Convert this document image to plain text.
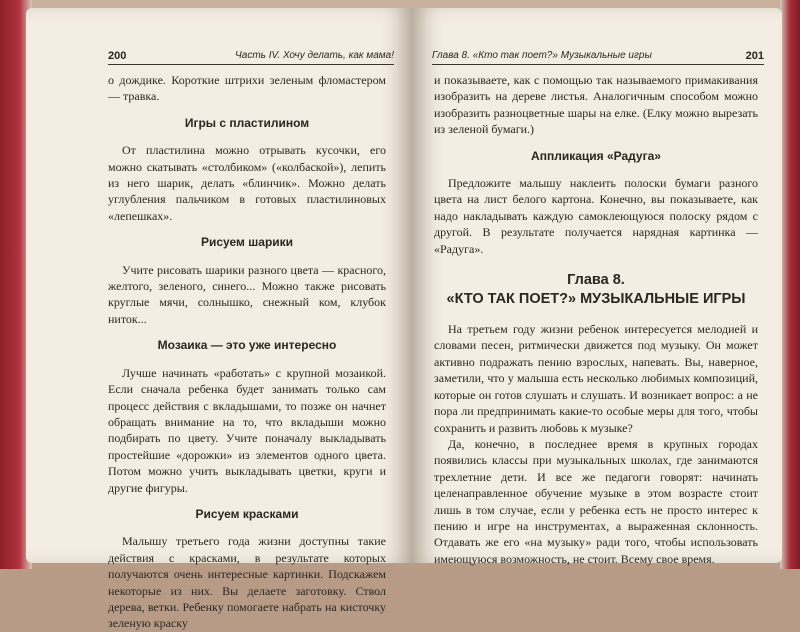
200	Часть IV. Хочу делать, как мама!

о дождике. Короткие штрихи зеленым фломастером — травка.

Игры с пластилином

От пластилина можно отрывать кусочки, его можно скатывать «столбиком» («колбаской»), лепить из него шарик, делать «блинчик». Можно делать углубления пальчиком в готовых пластилиновых «лепешках».

Рисуем шарики

Учите рисовать шарики разного цвета — красного, желтого, зеленого, синего... Можно также рисовать круглые мячи, солнышко, снежный ком, клубок ниток...

Мозаика — это уже интересно

Лучше начинать «работать» с крупной мозаикой. Если сначала ребенка будет занимать только сам процесс действия с вкладышами, то позже он начнет обращать внимание на то, что вкладыши можно подбирать по цвету. Учите поначалу выкладывать простейшие «дорожки» из элементов одного цвета. Потом можно учить выкладывать цветки, круги и другие фигуры.

Рисуем красками

Малышу третьего года жизни доступны такие действия с красками, в результате которых получаются очень интересные картинки. Подскажем некоторые из них. Вы делаете заготовку. Ствол дерева, ветки. Ребенку помогаете набрать на кисточку зеленую краску

Глава 8. «Кто так поет?» Музыкальные игры	201

и показываете, как с помощью так называемого примакивания изобразить на дереве листья. Аналогичным способом можно изобразить разноцветные шары на елке. (Елку можно вырезать из зеленой бумаги.)

Аппликация «Радуга»

Предложите малышу наклеить полоски бумаги разного цвета на лист белого картона. Конечно, вы показываете, как надо накладывать каждую самоклеющуюся полоску рядом с другой. В результате получается нарядная картинка — «Радуга».

Глава 8.
«КТО ТАК ПОЕТ?» МУЗЫКАЛЬНЫЕ ИГРЫ

На третьем году жизни ребенок интересуется мелодией и словами песен, ритмически движется под музыку. Он может активно подражать пению взрослых, напевать. Вы, наверное, заметили, что у малыша есть несколько любимых композиций, которые он готов слушать и слушать. И возникает вопрос: а не пора ли предпринимать какие-то особые меры для того, чтобы сохранить и развить любовь к музыке?

Да, конечно, в последнее время в крупных городах появились классы при музыкальных школах, где занимаются трехлетние дети. И все же педагоги говорят: начинать целенаправленное обучение музыке в этом возрасте стоит лишь в том случае, если у ребенка есть не просто интерес к пению и игре на инструментах, а выраженная склонность. Отдавать же его «на музыку» ради того, чтобы использовать имеющуюся возможность, не стоит. Всему свое время.
